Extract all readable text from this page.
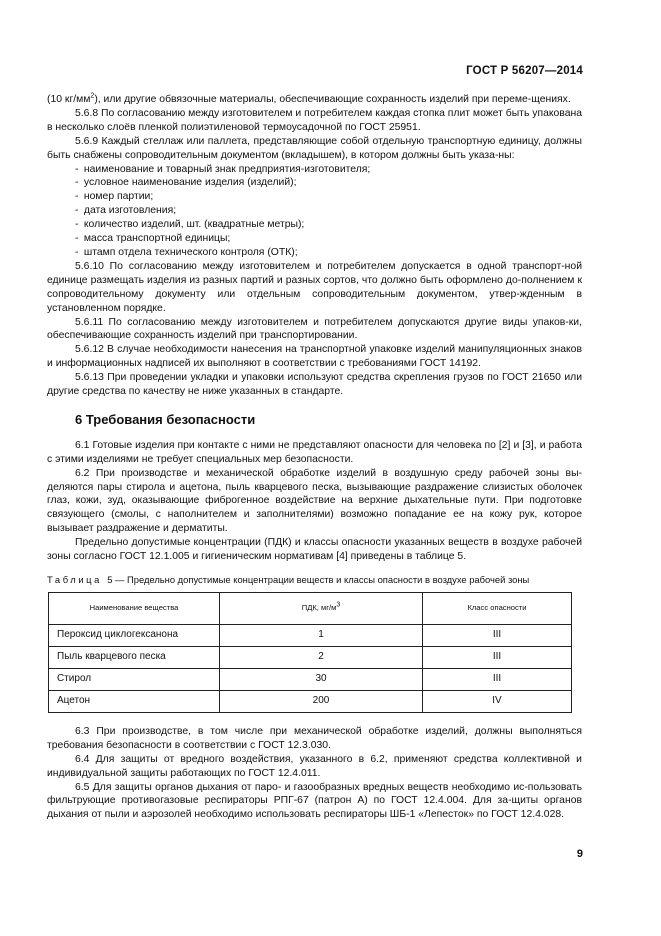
ГОСТ Р 56207—2014

(10 $кг/мм^2$), или другие обвязочные материалы, обеспечивающие сохранность изделий при переме-щениях.

5.6.8 По согласованию между изготовителем и потребителем каждая стопка плит может быть упакована в несколько слоёв пленкой полиэтиленовой термоусадочной по ГОСТ 25951.

5.6.9 Каждый стеллаж или паллета, представляющие собой отдельную транспортную единицу, должны быть снабжены сопроводительным документом (вкладышем), в котором должны быть указа-ны:

- наименование и товарный знак предприятия-изготовителя;

- условное наименование изделия (изделий);

- номер партии;

- дата изготовления;

- количество изделий, шт. (квадратные метры);

- масса транспортной единицы;

- штамп отдела технического контроля (ОТК);

5.6.10 По согласованию между изготовителем и потребителем допускается в одной транспорт-ной единице размещать изделия из разных партий и разных сортов, что должно быть оформлено до-полнением к сопроводительному документу или отдельным сопроводительным документом, утвер-жденным в установленном порядке.

5.6.11 По согласованию между изготовителем и потребителем допускаются другие виды упаков-ки, обеспечивающие сохранность изделий при транспортировании.

5.6.12 В случае необходимости нанесения на транспортной упаковке изделий манипуляционных знаков и информационных надписей их выполняют в соответствии с требованиями ГОСТ 14192.

5.6.13 При проведении укладки и упаковки используют средства скрепления грузов по ГОСТ 21650 или другие средства по качеству не ниже указанных в стандарте.

6 Требования безопасности

6.1 Готовые изделия при контакте с ними не представляют опасности для человека по [2] и [3], и работа с этими изделиями не требует специальных мер безопасности.

6.2 При производстве и механической обработке изделий в воздушную среду рабочей зоны вы-деляются пары стирола и ацетона, пыль кварцевого песка, вызывающие раздражение слизистых оболочек глаз, кожи, зуд, оказывающие фиброгенное воздействие на верхние дыхательные пути. При подготовке связующего (смолы, с наполнителем и заполнителями) возможно попадание ее на кожу рук, которое вызывает раздражение и дерматиты.

Предельно допустимые концентрации (ПДК) и классы опасности указанных веществ в воздухе рабочей зоны согласно ГОСТ 12.1.005 и гигиеническим нормативам [4] приведены в таблице 5.

Таблица 5 — Предельно допустимые концентрации веществ и классы опасности в воздухе рабочей зоны

Наименование вещества	ПДК, $мг/м^3$	Класс опасности
Пероксид циклогексанона	1	III
Пыль кварцевого песка	2	III
Стирол	30	III
Ацетон	200	IV

6.3 При производстве, в том числе при механической обработке изделий, должны выполняться требования безопасности в соответствии с ГОСТ 12.3.030.

6.4 Для защиты от вредного воздействия, указанного в 6.2, применяют средства коллективной и индивидуальной защиты работающих по ГОСТ 12.4.011.

6.5 Для защиты органов дыхания от паро- и газообразных вредных веществ необходимо ис-пользовать фильтрующие противогазовые респираторы РПГ-67 (патрон А) по ГОСТ 12.4.004. Для за-щиты органов дыхания от пыли и аэрозолей необходимо использовать респираторы ШБ-1 «Лепесток» по ГОСТ 12.4.028.

9
